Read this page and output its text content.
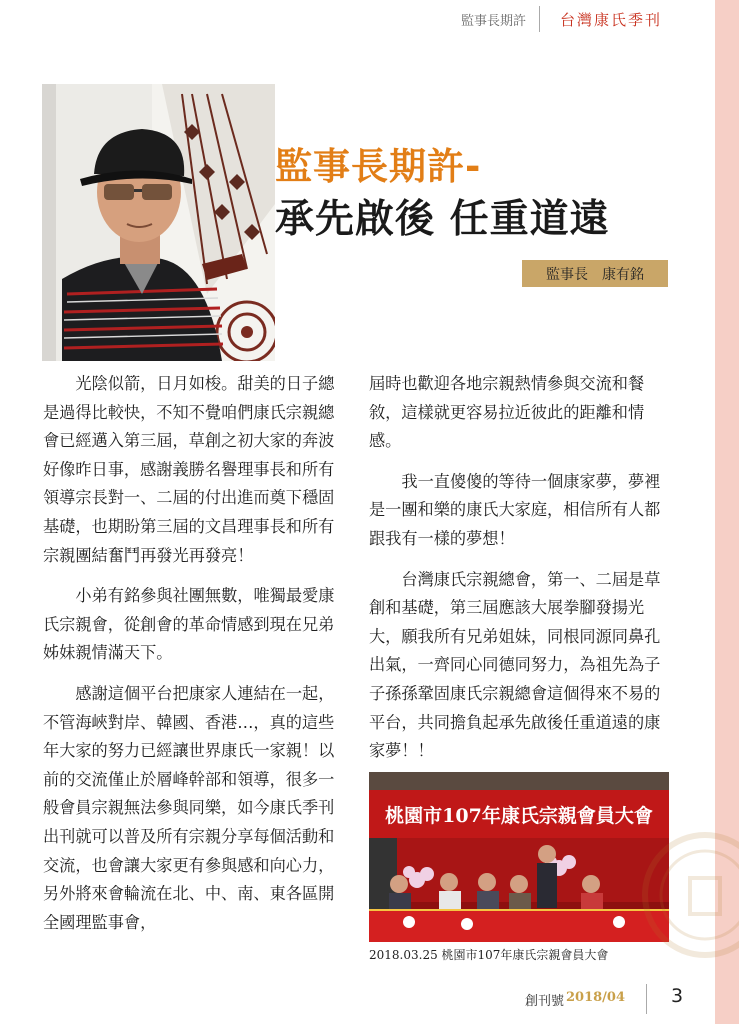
監事長期許 台灣康氏季刊
監事長期許-
承先啟後 任重道遠
監事長 康有銘

光陰似箭，日月如梭。甜美的日子總是過得比較快，不知不覺咱們康氏宗親總會已經邁入第三屆，草創之初大家的奔波好像昨日事，感謝義勝名譽理事長和所有領導宗長對一、二屆的付出進而奠下穩固基礎，也期盼第三屆的文昌理事長和所有宗親團結奮鬥再發光再發亮！

小弟有銘參與社團無數，唯獨最愛康氏宗親會，從創會的革命情感到現在兄弟姊妹親情滿天下。

感謝這個平台把康家人連結在一起，不管海峽對岸、韓國、香港…，真的這些年大家的努力已經讓世界康氏一家親！以前的交流僅止於層峰幹部和領導，很多一般會員宗親無法參與同樂，如今康氏季刊出刊就可以普及所有宗親分享每個活動和交流，也會讓大家更有參與感和向心力，另外將來會輪流在北、中、南、東各區開全國理監事會，

屆時也歡迎各地宗親熱情參與交流和餐敘，這樣就更容易拉近彼此的距離和情感。

我一直傻傻的等待一個康家夢，夢裡是一團和樂的康氏大家庭，相信所有人都跟我有一樣的夢想！

台灣康氏宗親總會，第一、二屆是草創和基礎，第三屆應該大展拳腳發揚光大，願我所有兄弟姐妹，同根同源同鼻孔出氣，一齊同心同德同努力，為祖先為子子孫孫鞏固康氏宗親總會這個得來不易的平台，共同擔負起承先啟後任重道遠的康家夢！！

桃園市107年康氏宗親會員大會
2018.03.25 桃園市107年康氏宗親會員大會
創刊號 2018/04 3
